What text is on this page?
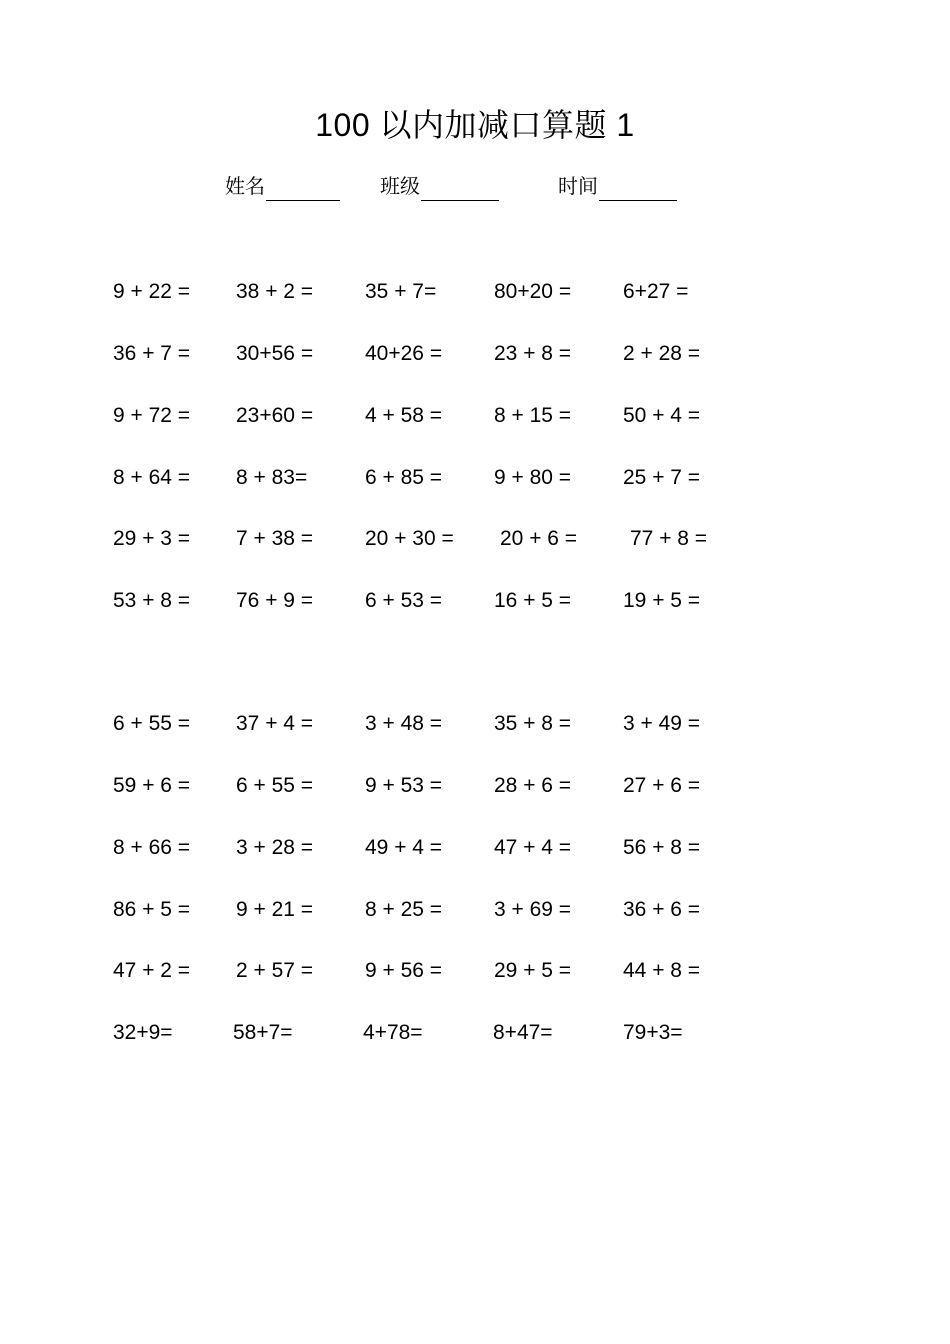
100 以内加减口算题 1
姓名	班级	时间
9 + 22 = 38 + 2 = 35 + 7=	80+20 = 6+27 =
36 + 7 = 30+56 = 40+26 = 23 + 8 = 2 + 28 =
9 + 72 = 23+60 = 4 + 58 = 8 + 15 = 50 + 4 =
8 + 64 = 8 + 83=	6 + 85 = 9 + 80 = 25 + 7 =
29 + 3 = 7 + 38 = 20 + 30 = 20 + 6 =	77 + 8 =
53 + 8 = 76 + 9 = 6 + 53 = 16 + 5 = 19 + 5 =
6 + 55 = 37 + 4 = 3 + 48 = 35 + 8 = 3 + 49 =
59 + 6 = 6 + 55 = 9 + 53 = 28 + 6 = 27 + 6 =
8 + 66 = 3 + 28 = 49 + 4 = 47 + 4 = 56 + 8 =
86 + 5 = 9 + 21 = 8 + 25 = 3 + 69 = 36 + 6 =
47 + 2 = 2 + 57 = 9 + 56 = 29 + 5 = 44 + 8 =
32+9=	58+7=	4+78=	8+47=	79+3=
